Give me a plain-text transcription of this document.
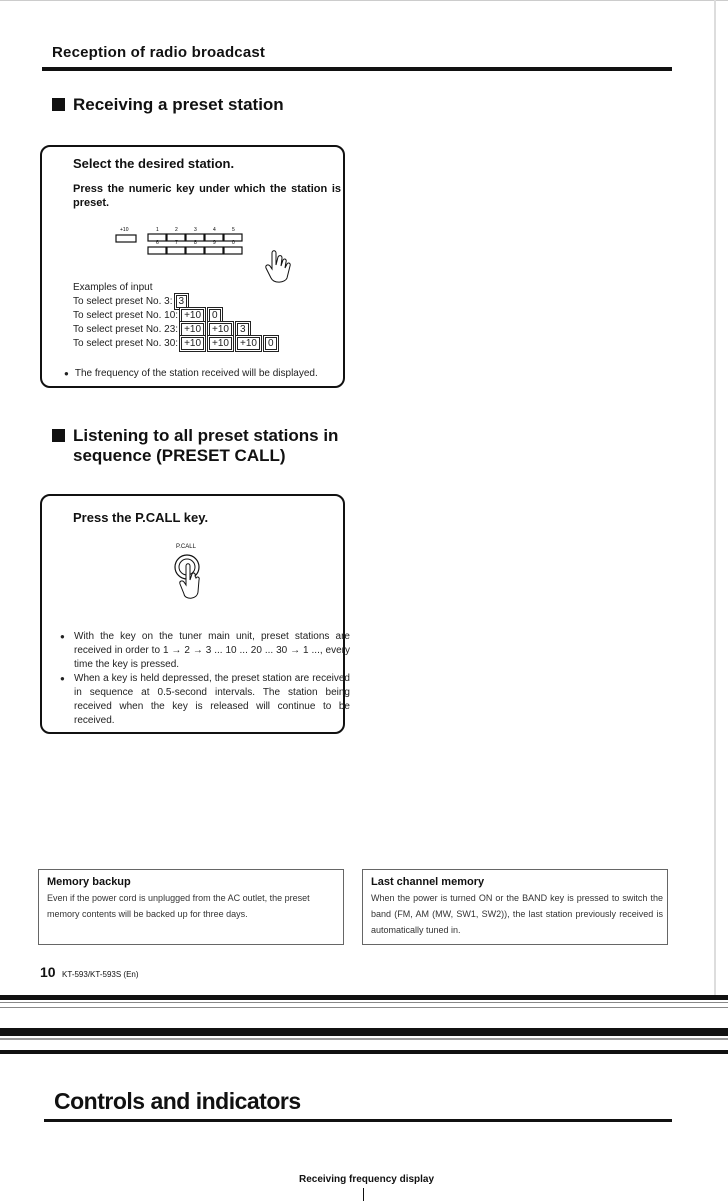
Reception of radio broadcast
Receiving a preset station
Select the desired station.
Press the numeric key under which the station is preset.
+10	1	2	3	4	5
6	7	8	9	0
Examples of input
To select preset No. 3: 3
To select preset No. 10: +10 0
To select preset No. 23: +10 +10 3
To select preset No. 30: +10 +10 +10 0
● The frequency of the station received will be displayed.
Listening to all preset stations in
sequence (PRESET CALL)
Press the P.CALL key.
P.CALL
● With the key on the tuner main unit, preset stations are received in order to 1 → 2 → 3 ... 10 ... 20 ... 30 → 1 ..., every time the key is pressed.
● When a key is held depressed, the preset station are received in sequence at 0.5-second intervals. The station being received when the key is released will continue to be received.
Memory backup
Even if the power cord is unplugged from the AC outlet, the preset memory contents will be backed up for three days.
Last channel memory
When the power is turned ON or the BAND key is pressed to switch the band (FM, AM (MW, SW1, SW2)), the last station previously received is automatically tuned in.
10 KT-593/KT-593S (En)
Controls and indicators
Receiving frequency display
